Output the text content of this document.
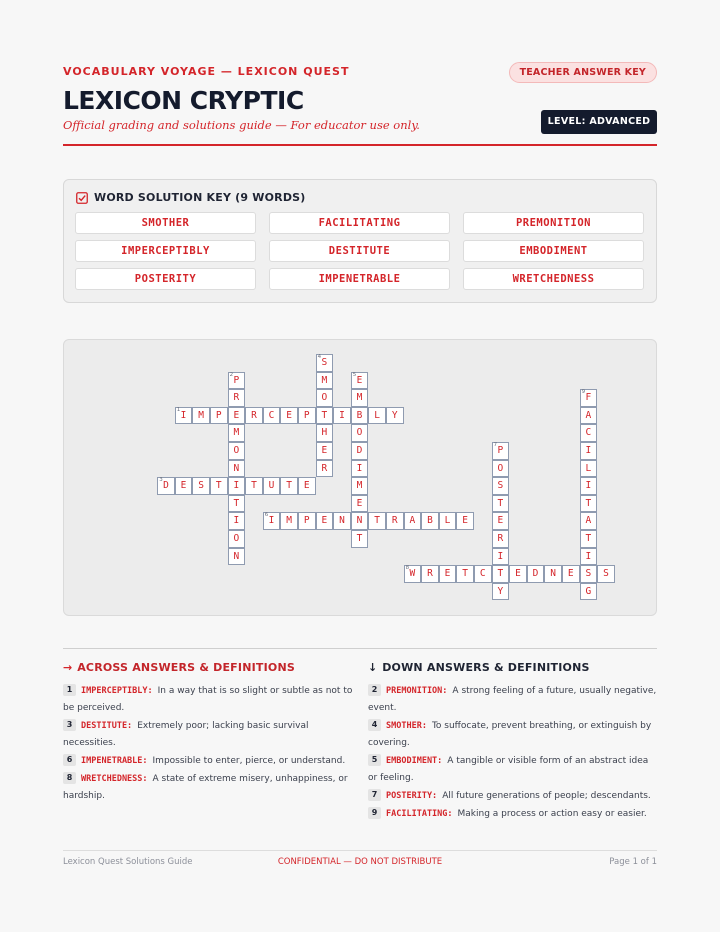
VOCABULARY VOYAGE — LEXICON QUEST	TEACHER ANSWER KEY
LEXICON CRYPTIC
Official grading and solutions guide — For educator use only.	LEVEL: ADVANCED
WORD SOLUTION KEY (9 WORDS)
SMOTHER	FACILITATING	PREMONITION
IMPERCEPTIBLY	DESTITUTE	EMBODIMENT
POSTERITY	IMPENETRABLE	WRETCHEDNESS
1 I	M	P	E	R	C	E	P	T	I	B	L	Y
2 P
R
M
O
N
I
T
I
O
N
3 D	E	S	T	T	U	T	E
4 S
M
O
H
E
R
5 E
M
O
D
I
M
E
N
T
6 I	M	P	E	N	T	R	A	B	L	E
7 P
O
S
T
E
R
I
T
Y
8 W	R	E	T	C	E	D	N	E	S	S
9 F
A
C
I
L
I
T
A
T
I
G
→ ACROSS ANSWERS & DEFINITIONS
1 IMPERCEPTIBLY: In a way that is so slight or subtle as not to be perceived.
3 DESTITUTE: Extremely poor; lacking basic survival necessities.
6 IMPENETRABLE: Impossible to enter, pierce, or understand.
8 WRETCHEDNESS: A state of extreme misery, unhappiness, or hardship.
↓ DOWN ANSWERS & DEFINITIONS
2 PREMONITION: A strong feeling of a future, usually negative, event.
4 SMOTHER: To suffocate, prevent breathing, or extinguish by covering.
5 EMBODIMENT: A tangible or visible form of an abstract idea or feeling.
7 POSTERITY: All future generations of people; descendants.
9 FACILITATING: Making a process or action easy or easier.
Lexicon Quest Solutions Guide	CONFIDENTIAL — DO NOT DISTRIBUTE	Page 1 of 1
